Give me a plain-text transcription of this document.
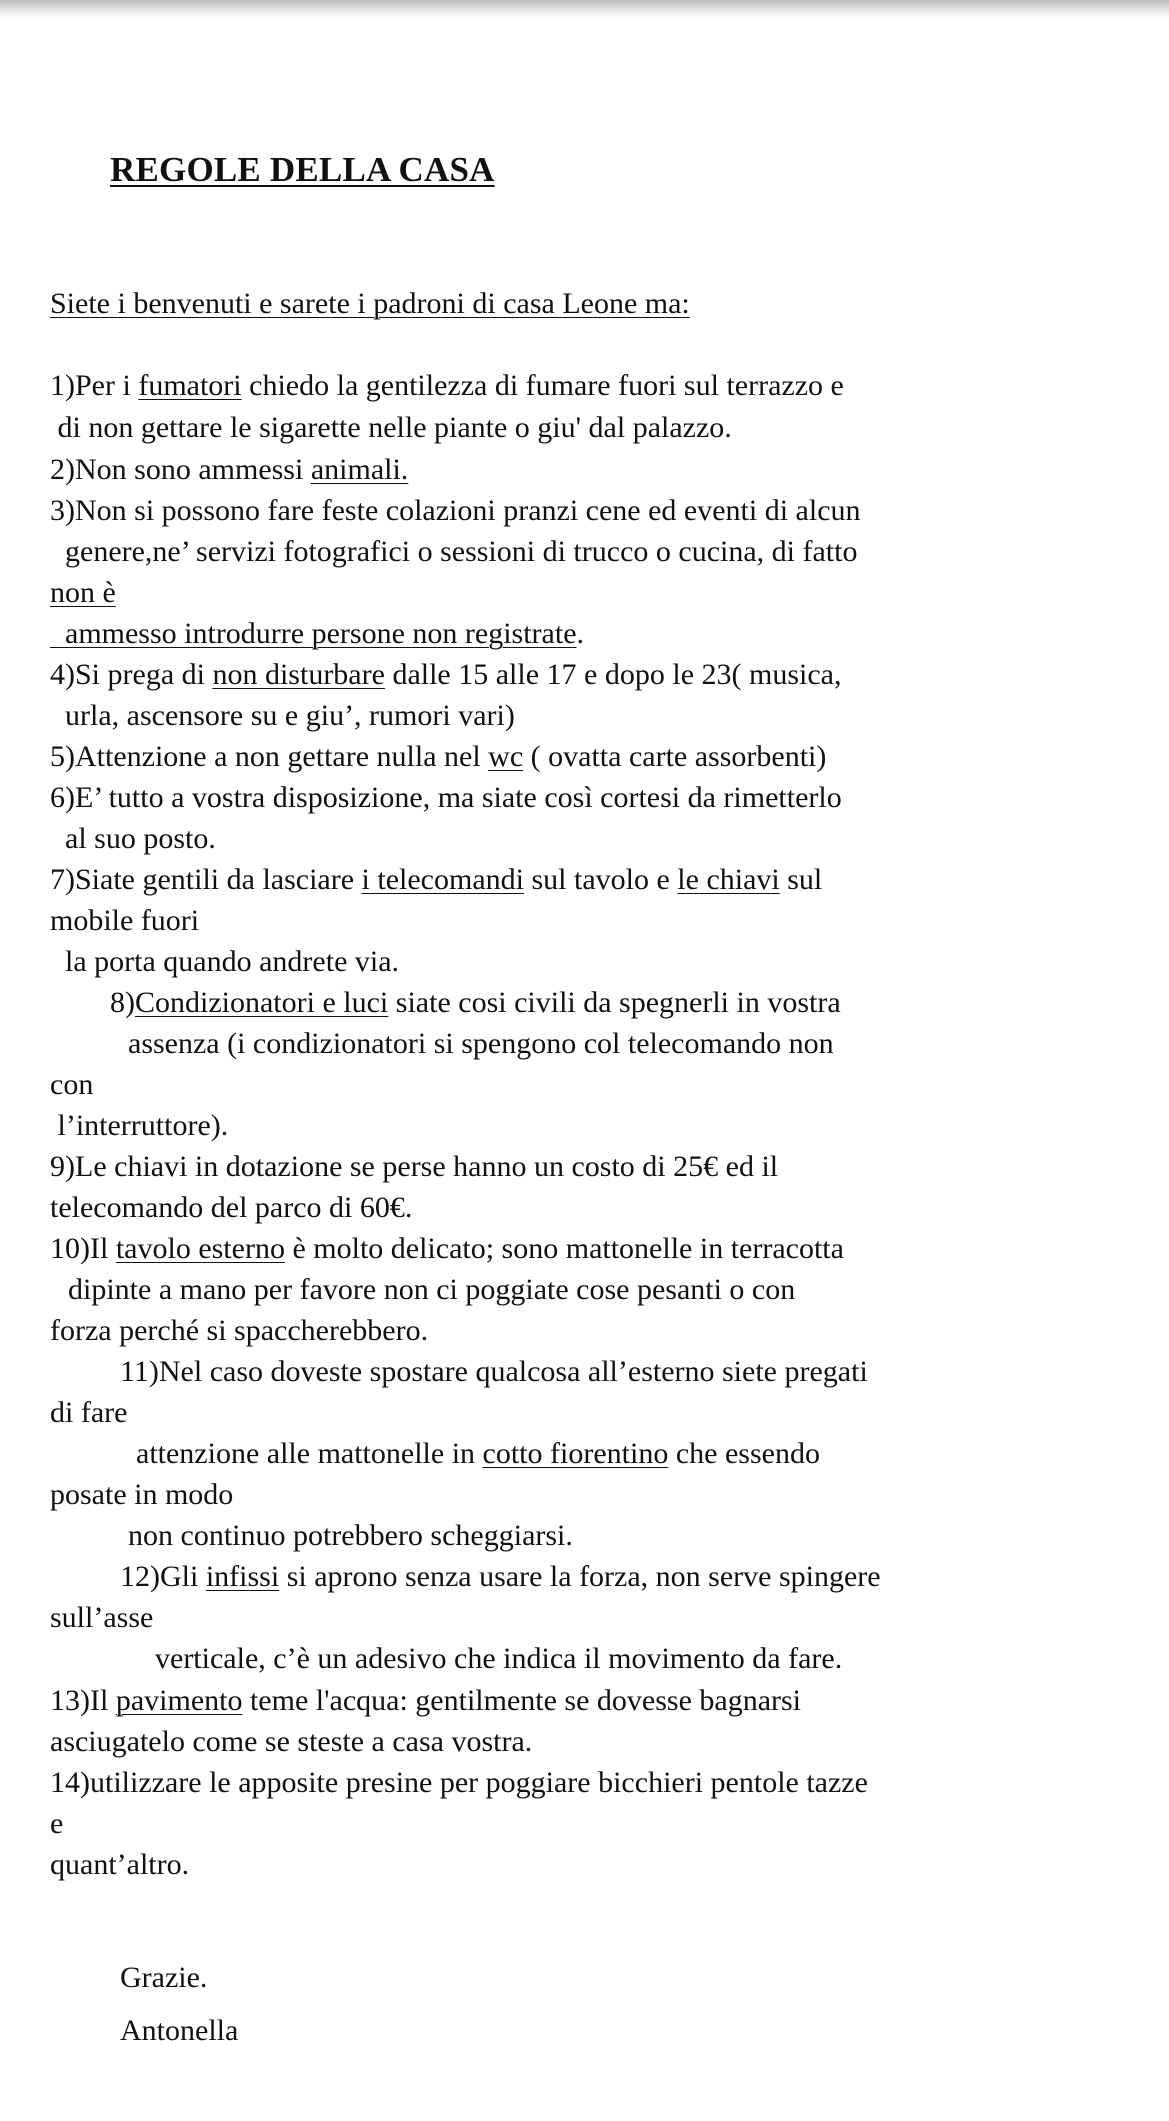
REGOLE DELLA CASA

Siete i benvenuti e sarete i padroni di casa Leone ma:

1)Per i fumatori chiedo la gentilezza di fumare fuori sul terrazzo e

di non gettare le sigarette nelle piante o giu' dal palazzo.

2)Non sono ammessi animali.

3)Non si possono fare feste colazioni pranzi cene ed eventi di alcun

genere,ne’ servizi fotografici o sessioni di trucco o cucina, di fatto

non è

ammesso introdurre persone non registrate.

4)Si prega di non disturbare dalle 15 alle 17 e dopo le 23( musica,

urla, ascensore su e giu’, rumori vari)

5)Attenzione a non gettare nulla nel wc ( ovatta carte assorbenti)

6)E’ tutto a vostra disposizione, ma siate così cortesi da rimetterlo

al suo posto.

7)Siate gentili da lasciare i telecomandi sul tavolo e le chiavi sul

mobile fuori

la porta quando andrete via.

8)Condizionatori e luci siate cosi civili da spegnerli in vostra

assenza (i condizionatori si spengono col telecomando non

con

l’interruttore).

9)Le chiavi in dotazione se perse hanno un costo di 25€ ed il

telecomando del parco di 60€.

10)Il tavolo esterno è molto delicato; sono mattonelle in terracotta

dipinte a mano per favore non ci poggiate cose pesanti o con

forza perché si spaccherebbero.

11)Nel caso doveste spostare qualcosa all’esterno siete pregati

di fare

attenzione alle mattonelle in cotto fiorentino che essendo

posate in modo

non continuo potrebbero scheggiarsi.

12)Gli infissi si aprono senza usare la forza, non serve spingere

sull’asse

verticale, c’è un adesivo che indica il movimento da fare.

13)Il pavimento teme l'acqua: gentilmente se dovesse bagnarsi

asciugatelo come se steste a casa vostra.

14)utilizzare le apposite presine per poggiare bicchieri pentole tazze

e

quant’altro.

Grazie.

Antonella
